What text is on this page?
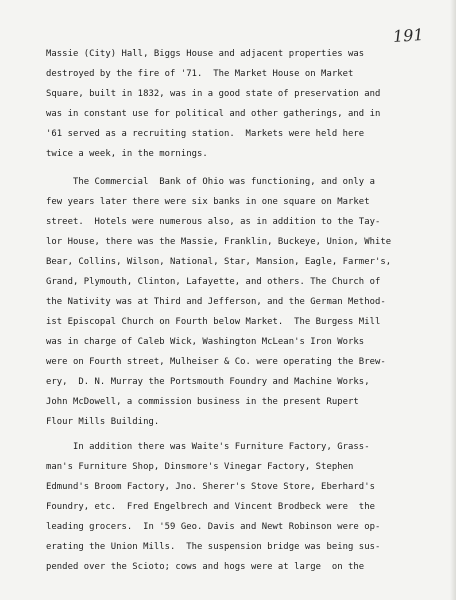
191
Massie (City) Hall, Biggs House and adjacent properties was
destroyed by the fire of '71.  The Market House on Market
Square, built in 1832, was in a good state of preservation and
was in constant use for political and other gatherings, and in
'61 served as a recruiting station.  Markets were held here
twice a week, in the mornings.
The Commercial  Bank of Ohio was functioning, and only a
few years later there were six banks in one square on Market
street.  Hotels were numerous also, as in addition to the Tay-
lor House, there was the Massie, Franklin, Buckeye, Union, White
Bear, Collins, Wilson, National, Star, Mansion, Eagle, Farmer's,
Grand, Plymouth, Clinton, Lafayette, and others. The Church of
the Nativity was at Third and Jefferson, and the German Method-
ist Episcopal Church on Fourth below Market.  The Burgess Mill
was in charge of Caleb Wick, Washington McLean's Iron Works
were on Fourth street, Mulheiser & Co. were operating the Brew-
ery,  D. N. Murray the Portsmouth Foundry and Machine Works,
John McDowell, a commission business in the present Rupert
Flour Mills Building.
In addition there was Waite's Furniture Factory, Grass-
man's Furniture Shop, Dinsmore's Vinegar Factory, Stephen
Edmund's Broom Factory, Jno. Sherer's Stove Store, Eberhard's
Foundry, etc.  Fred Engelbrech and Vincent Brodbeck were  the
leading grocers.  In '59 Geo. Davis and Newt Robinson were op-
erating the Union Mills.  The suspension bridge was being sus-
pended over the Scioto; cows and hogs were at large  on the
